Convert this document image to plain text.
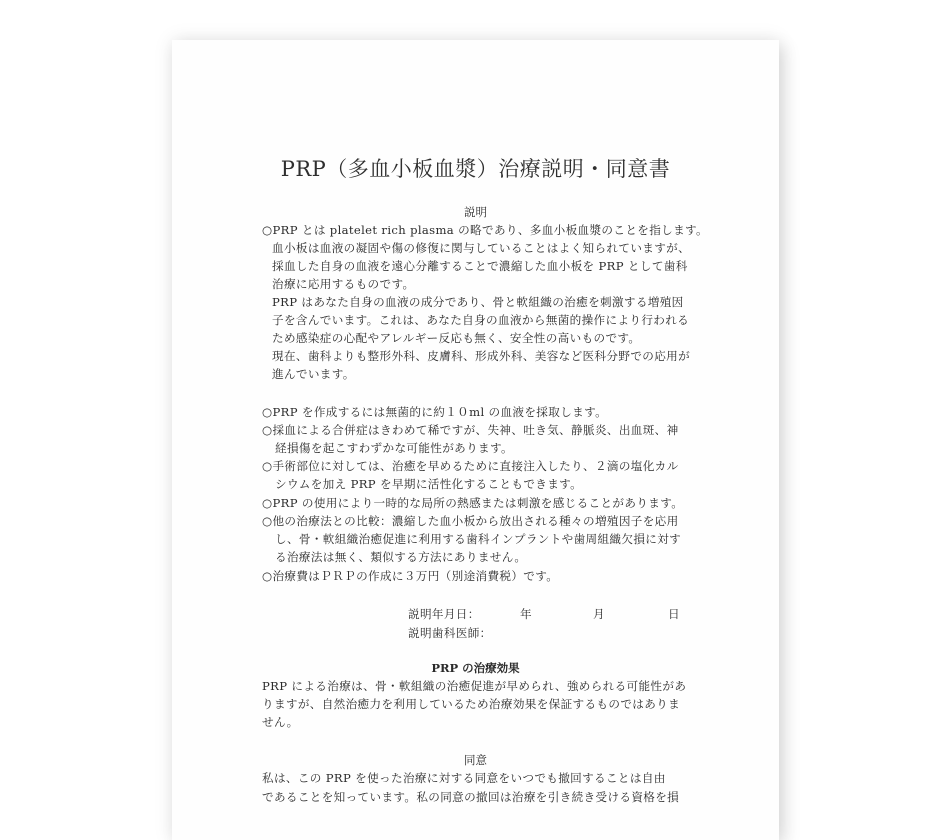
PRP（多血小板血漿）治療説明・同意書
説明
○PRP とは platelet rich plasma の略であり、多血小板血漿のことを指します。
血小板は血液の凝固や傷の修復に関与していることはよく知られていますが、
採血した自身の血液を遠心分離することで濃縮した血小板を PRP として歯科
治療に応用するものです。
PRP はあなた自身の血液の成分であり、骨と軟組織の治癒を刺激する増殖因
子を含んでいます。これは、あなた自身の血液から無菌的操作により行われる
ため感染症の心配やアレルギー反応も無く、安全性の高いものです。
現在、歯科よりも整形外科、皮膚科、形成外科、美容など医科分野での応用が
進んでいます。
○PRP を作成するには無菌的に約１０ml の血液を採取します。
○採血による合併症はきわめて稀ですが、失神、吐き気、静脈炎、出血斑、神
経損傷を起こすわずかな可能性があります。
○手術部位に対しては、治癒を早めるために直接注入したり、２滴の塩化カル
シウムを加え PRP を早期に活性化することもできます。
○PRP の使用により一時的な局所の熱感または刺激を感じることがあります。
○他の治療法との比較：濃縮した血小板から放出される種々の増殖因子を応用
し、骨・軟組織治癒促進に利用する歯科インプラントや歯周組織欠損に対す
る治療法は無く、類似する方法にありません。
○治療費はＰＲＰの作成に３万円（別途消費税）です。
説明年月日：	年	月	日
説明歯科医師：
PRP の治療効果
PRP による治療は、骨・軟組織の治癒促進が早められ、強められる可能性があ
りますが、自然治癒力を利用しているため治療効果を保証するものではありま
せん。
同意
私は、この PRP を使った治療に対する同意をいつでも撤回することは自由
であることを知っています。私の同意の撤回は治療を引き続き受ける資格を損
